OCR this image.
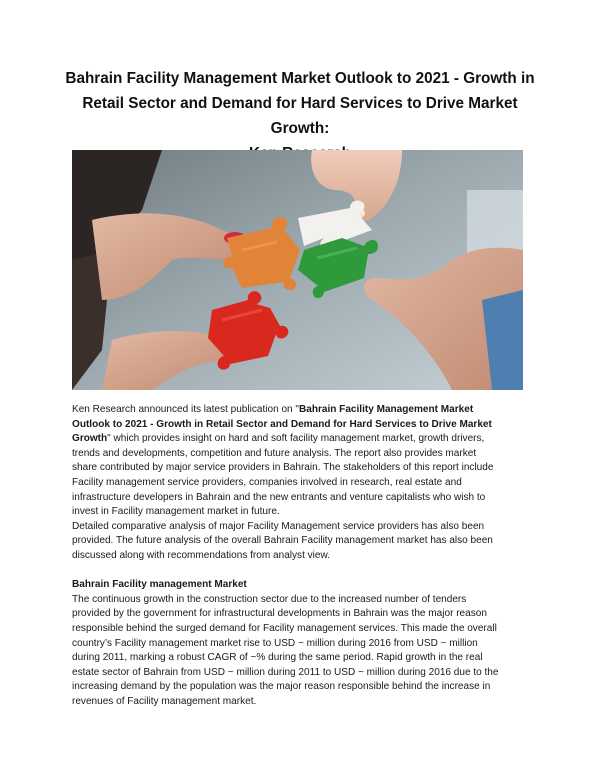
Bahrain Facility Management Market Outlook to 2021 - Growth in
Retail Sector and Demand for Hard Services to Drive Market Growth:
Ken Research announced its latest publication on "Bahrain Facility Management Market
Outlook to 2021 - Growth in Retail Sector and Demand for Hard Services to Drive Market
Growth" which provides insight on hard and soft facility management market, growth drivers,
trends and developments, competition and future analysis. The report also provides market
share contributed by major service providers in Bahrain. The stakeholders of this report include
Facility management service providers, companies involved in research, real estate and
infrastructure developers in Bahrain and the new entrants and venture capitalists who wish to
invest in Facility management market in future.
Detailed comparative analysis of major Facility Management service providers has also been
provided. The future analysis of the overall Bahrain Facility management market has also been
discussed along with recommendations from analyst view.
Bahrain Facility management Market
The continuous growth in the construction sector due to the increased number of tenders
provided by the government for infrastructural developments in Bahrain was the major reason
responsible behind the surged demand for Facility management services. This made the overall
country’s Facility management market rise to USD ~ million during 2016 from USD ~ million
during 2011, marking a robust CAGR of ~% during the same period. Rapid growth in the real
estate sector of Bahrain from USD ~ million during 2011 to USD ~ million during 2016 due to the
increasing demand by the population was the major reason responsible behind the increase in
revenues of Facility management market.
